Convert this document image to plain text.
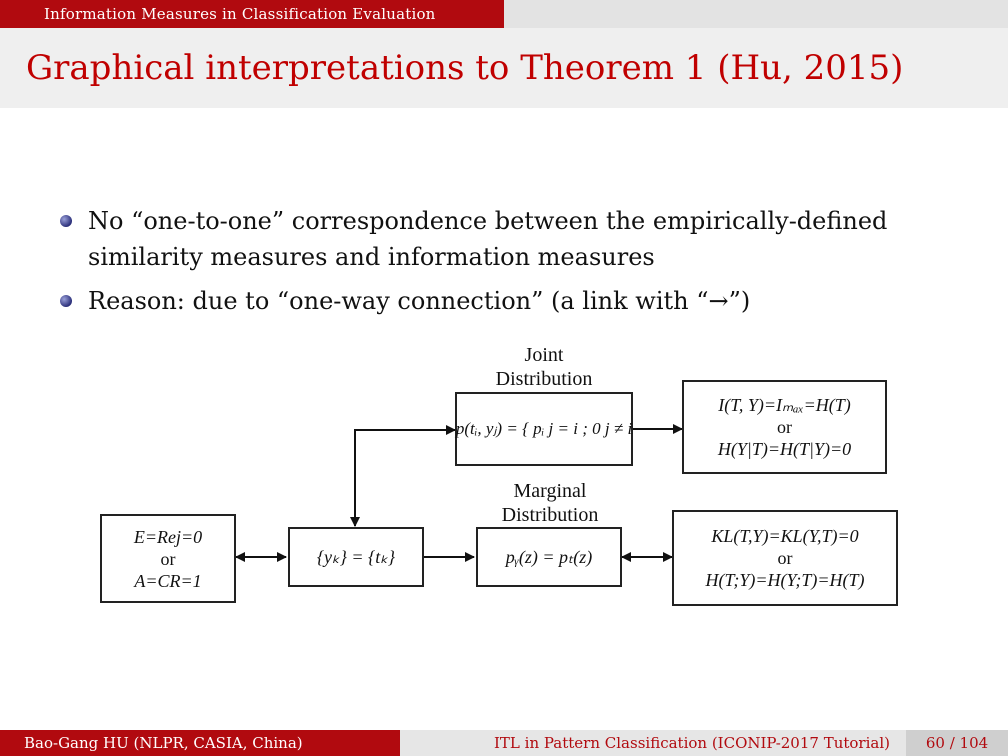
Information Measures in Classification Evaluation
Graphical interpretations to Theorem 1 (Hu, 2015)
No “one-to-one” correspondence between the empirically-defined similarity measures and information measures
Reason: due to “one-way connection” (a link with “→”)
Joint
Distribution
Marginal
Distribution
p(tᵢ, yⱼ) = { pᵢ j = i ; 0 j ≠ i
I(T, Y)=Iₘₐₓ=H(T)
or
H(Y|T)=H(T|Y)=0
E=Rej=0
or
A=CR=1
{yₖ} = {tₖ}	pᵧ(z) = pₜ(z)
KL(T,Y)=KL(Y,T)=0
or
H(T;Y)=H(Y;T)=H(T)
Bao-Gang HU (NLPR, CASIA, China)	ITL in Pattern Classification (ICONIP-2017 Tutorial)	60 / 104
